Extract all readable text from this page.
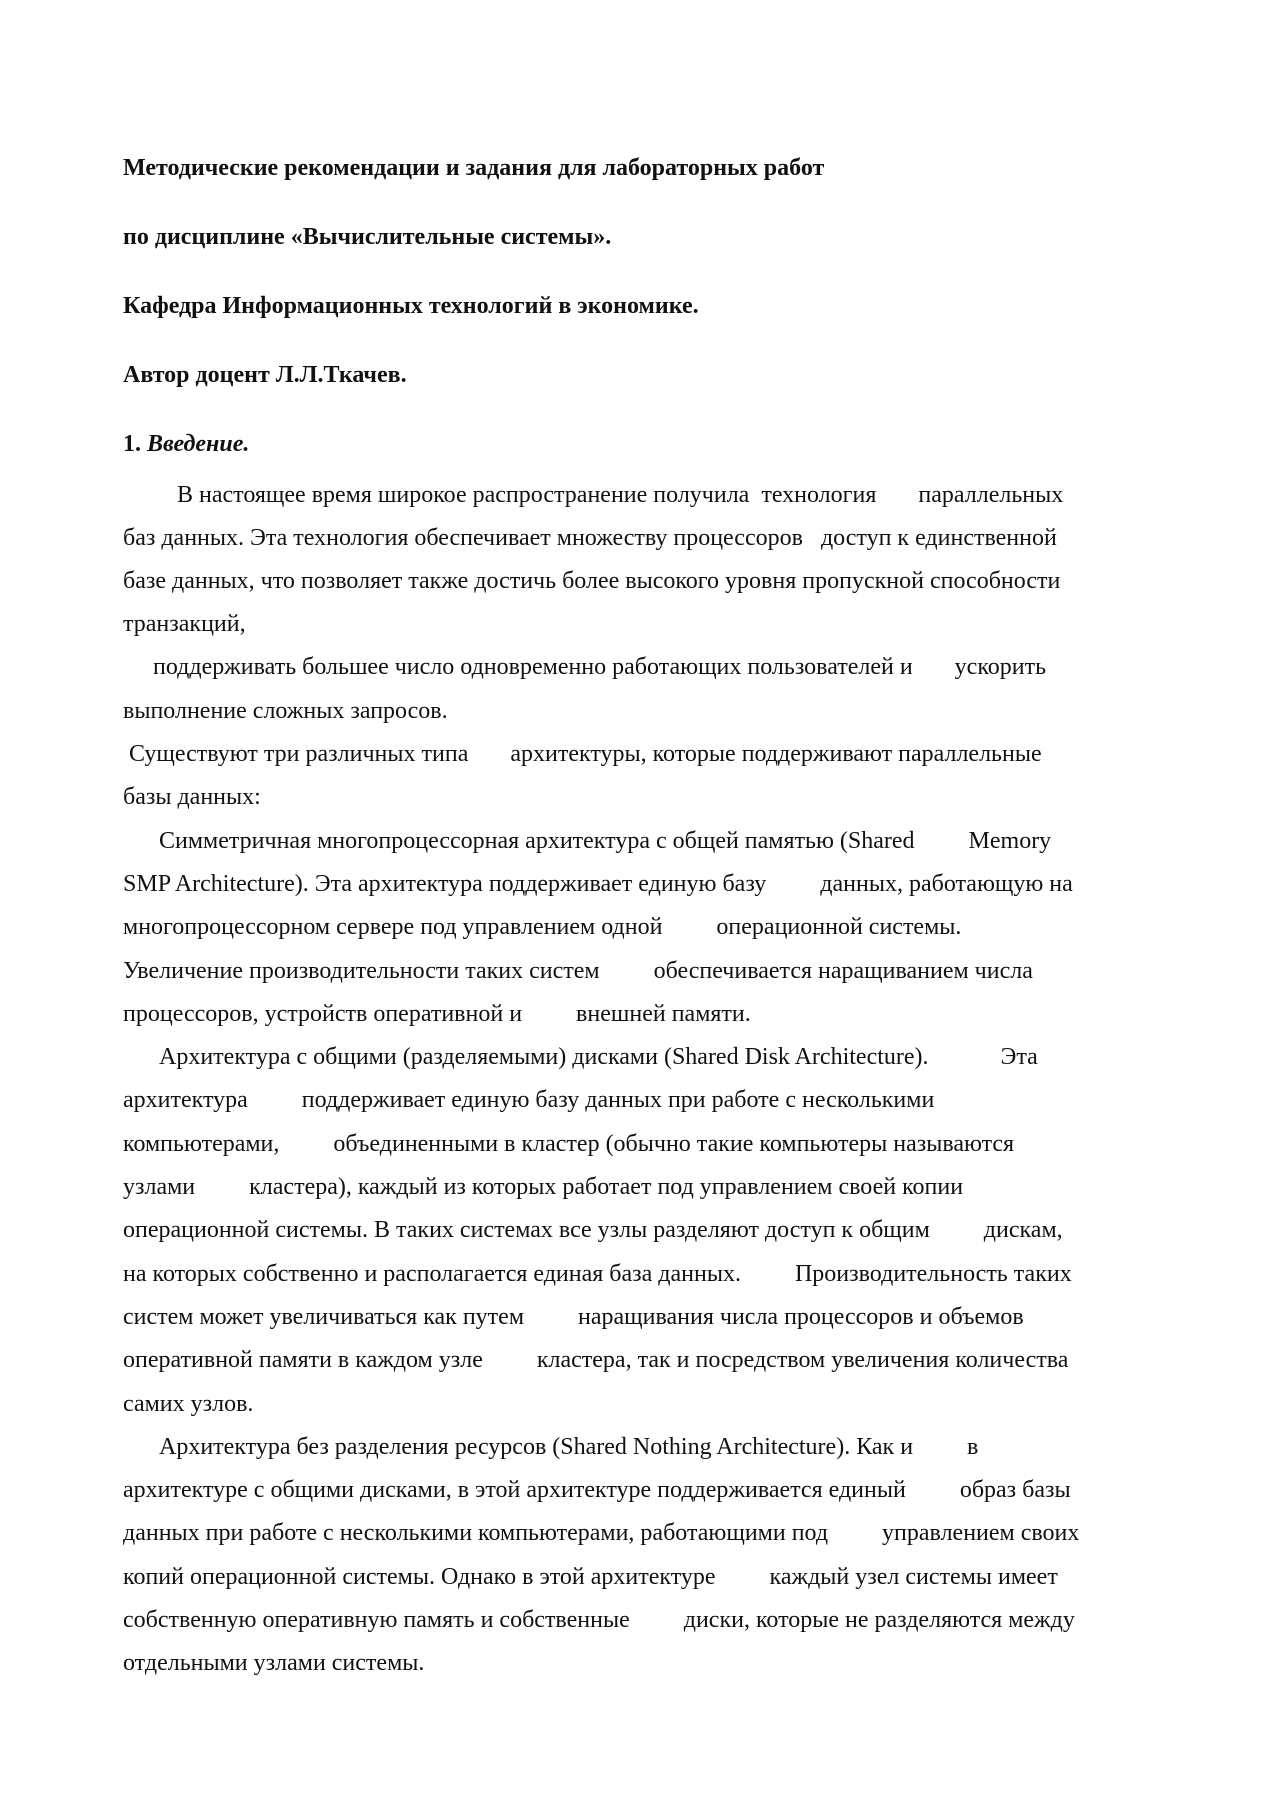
Методические рекомендации и задания для лабораторных работ
по дисциплине «Вычислительные системы».
Кафедра Информационных технологий в экономике.
Автор доцент Л.Л.Ткачев.
1. Введение.
В настоящее время широкое распространение получила  технология       параллельных
баз данных. Эта технология обеспечивает множеству процессоров   доступ к единственной
базе данных, что позволяет также достичь более высокого уровня пропускной способности
транзакций,
поддерживать большее число одновременно работающих пользователей и       ускорить
выполнение сложных запросов.
Существуют три различных типа       архитектуры, которые поддерживают параллельные
базы данных:
Симметричная многопроцессорная архитектура с общей памятью (Shared         Memory
SMP Architecture). Эта архитектура поддерживает единую базу         данных, работающую на
многопроцессорном сервере под управлением одной         операционной системы.
Увеличение производительности таких систем         обеспечивается наращиванием числа
процессоров, устройств оперативной и         внешней памяти.
Архитектура с общими (разделяемыми) дисками (Shared Disk Architecture).            Эта
архитектура         поддерживает единую базу данных при работе с несколькими
компьютерами,         объединенными в кластер (обычно такие компьютеры называются
узлами         кластера), каждый из которых работает под управлением своей копии
операционной системы. В таких системах все узлы разделяют доступ к общим         дискам,
на которых собственно и располагается единая база данных.         Производительность таких
систем может увеличиваться как путем         наращивания числа процессоров и объемов
оперативной памяти в каждом узле         кластера, так и посредством увеличения количества
самих узлов.
Архитектура без разделения ресурсов (Shared Nothing Architecture). Как и         в
архитектуре с общими дисками, в этой архитектуре поддерживается единый         образ базы
данных при работе с несколькими компьютерами, работающими под         управлением своих
копий операционной системы. Однако в этой архитектуре         каждый узел системы имеет
собственную оперативную память и собственные         диски, которые не разделяются между
отдельными узлами системы.
